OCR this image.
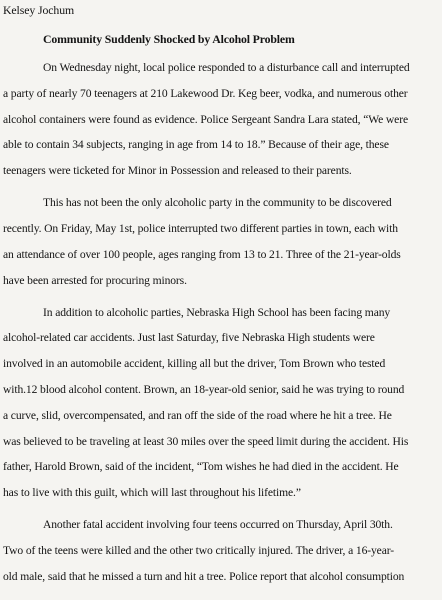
Kelsey Jochum
Community Suddenly Shocked by Alcohol Problem
On Wednesday night, local police responded to a disturbance call and interrupted
a party of nearly 70 teenagers at 210 Lakewood Dr. Keg beer, vodka, and numerous other
alcohol containers were found as evidence. Police Sergeant Sandra Lara stated, “We were
able to contain 34 subjects, ranging in age from 14 to 18.” Because of their age, these
teenagers were ticketed for Minor in Possession and released to their parents.
This has not been the only alcoholic party in the community to be discovered
recently. On Friday, May 1st, police interrupted two different parties in town, each with
an attendance of over 100 people, ages ranging from 13 to 21. Three of the 21-year-olds
have been arrested for procuring minors.
In addition to alcoholic parties, Nebraska High School has been facing many
alcohol-related car accidents. Just last Saturday, five Nebraska High students were
involved in an automobile accident, killing all but the driver, Tom Brown who tested
with.12 blood alcohol content. Brown, an 18-year-old senior, said he was trying to round
a curve, slid, overcompensated, and ran off the side of the road where he hit a tree. He
was believed to be traveling at least 30 miles over the speed limit during the accident. His
father, Harold Brown, said of the incident, “Tom wishes he had died in the accident. He
has to live with this guilt, which will last throughout his lifetime.”
Another fatal accident involving four teens occurred on Thursday, April 30th.
Two of the teens were killed and the other two critically injured. The driver, a 16-year-
old male, said that he missed a turn and hit a tree. Police report that alcohol consumption
